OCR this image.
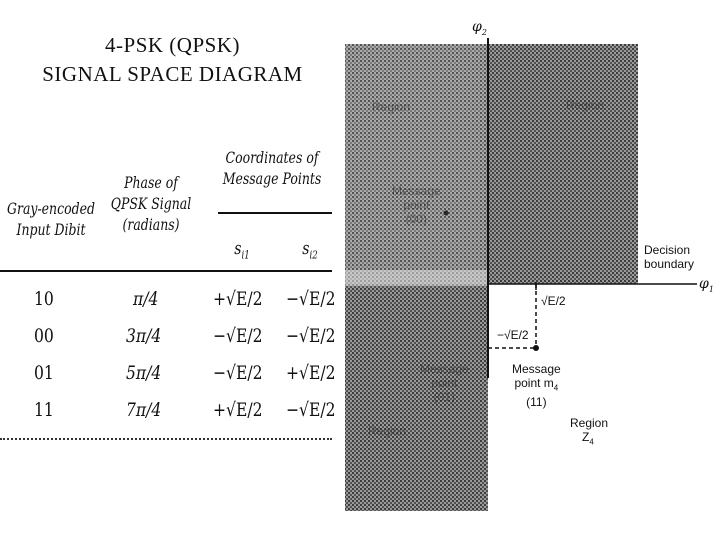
4-PSK (QPSK)
SIGNAL SPACE DIAGRAM
Gray-encoded
Input Dibit
Phase of
QPSK Signal
(radians)
Coordinates of
Message Points
$s_{i1}$	$s_{i2}$
10	π/4	+√E/2 −√E/2
00	3π/4	−√E/2 −√E/2
01	5π/4	−√E/2 +√E/2
11	7π/4	+√E/2 −√E/2
$\varphi_2$
$\varphi_1$
Decision
boundary
√E/2
−√E/2
Message
point $m_4$
(11)
Region
$Z_4$
Message
point
(00)
Region	Region
Region
Message
point
(01)
